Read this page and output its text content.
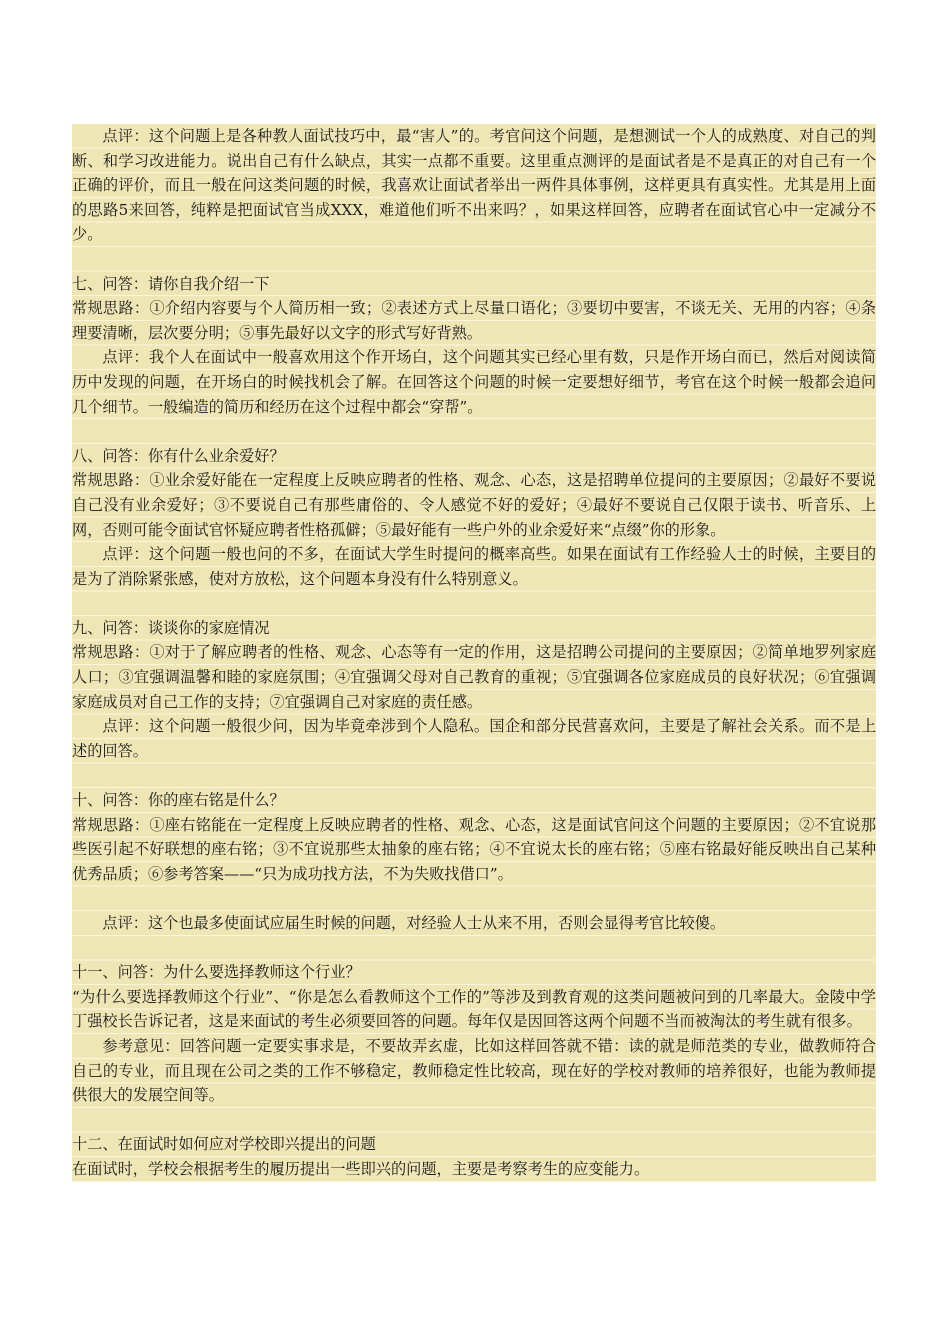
点评：这个问题上是各种教人面试技巧中，最“害人”的。考官问这个问题，是想测试一个人的成熟度、对自己的判断、和学习改进能力。说出自己有什么缺点，其实一点都不重要。这里重点测评的是面试者是不是真正的对自己有一个正确的评价，而且一般在问这类问题的时候，我喜欢让面试者举出一两件具体事例，这样更具有真实性。尤其是用上面的思路5来回答，纯粹是把面试官当成XXX，难道他们听不出来吗？，如果这样回答，应聘者在面试官心中一定减分不少。

七、问答：请你自我介绍一下

常规思路：①介绍内容要与个人简历相一致；②表述方式上尽量口语化；③要切中要害，不谈无关、无用的内容；④条理要清晰，层次要分明；⑤事先最好以文字的形式写好背熟。

点评：我个人在面试中一般喜欢用这个作开场白，这个问题其实已经心里有数，只是作开场白而已，然后对阅读简历中发现的问题，在开场白的时候找机会了解。在回答这个问题的时候一定要想好细节，考官在这个时候一般都会追问几个细节。一般编造的简历和经历在这个过程中都会“穿帮”。

八、问答：你有什么业余爱好？

常规思路：①业余爱好能在一定程度上反映应聘者的性格、观念、心态，这是招聘单位提问的主要原因；②最好不要说自己没有业余爱好；③不要说自己有那些庸俗的、令人感觉不好的爱好；④最好不要说自己仅限于读书、听音乐、上网，否则可能令面试官怀疑应聘者性格孤僻；⑤最好能有一些户外的业余爱好来“点缀”你的形象。

点评：这个问题一般也问的不多，在面试大学生时提问的概率高些。如果在面试有工作经验人士的时候，主要目的是为了消除紧张感，使对方放松，这个问题本身没有什么特别意义。

九、问答：谈谈你的家庭情况

常规思路：①对于了解应聘者的性格、观念、心态等有一定的作用，这是招聘公司提问的主要原因；②简单地罗列家庭人口；③宜强调温馨和睦的家庭氛围；④宜强调父母对自己教育的重视；⑤宜强调各位家庭成员的良好状况；⑥宜强调家庭成员对自己工作的支持；⑦宜强调自己对家庭的责任感。

点评：这个问题一般很少问，因为毕竟牵涉到个人隐私。国企和部分民营喜欢问，主要是了解社会关系。而不是上述的回答。

十、问答：你的座右铭是什么？

常规思路：①座右铭能在一定程度上反映应聘者的性格、观念、心态，这是面试官问这个问题的主要原因；②不宜说那些医引起不好联想的座右铭；③不宜说那些太抽象的座右铭；④不宜说太长的座右铭；⑤座右铭最好能反映出自己某种优秀品质；⑥参考答案——“只为成功找方法，不为失败找借口”。

点评：这个也最多使面试应届生时候的问题，对经验人士从来不用，否则会显得考官比较傻。

十一、问答：为什么要选择教师这个行业？

“为什么要选择教师这个行业”、“你是怎么看教师这个工作的”等涉及到教育观的这类问题被问到的几率最大。金陵中学丁强校长告诉记者，这是来面试的考生必须要回答的问题。每年仅是因回答这两个问题不当而被淘汰的考生就有很多。

参考意见：回答问题一定要实事求是，不要故弄玄虚，比如这样回答就不错：读的就是师范类的专业，做教师符合自己的专业，而且现在公司之类的工作不够稳定，教师稳定性比较高，现在好的学校对教师的培养很好，也能为教师提供很大的发展空间等。

十二、在面试时如何应对学校即兴提出的问题

在面试时，学校会根据考生的履历提出一些即兴的问题，主要是考察考生的应变能力。
